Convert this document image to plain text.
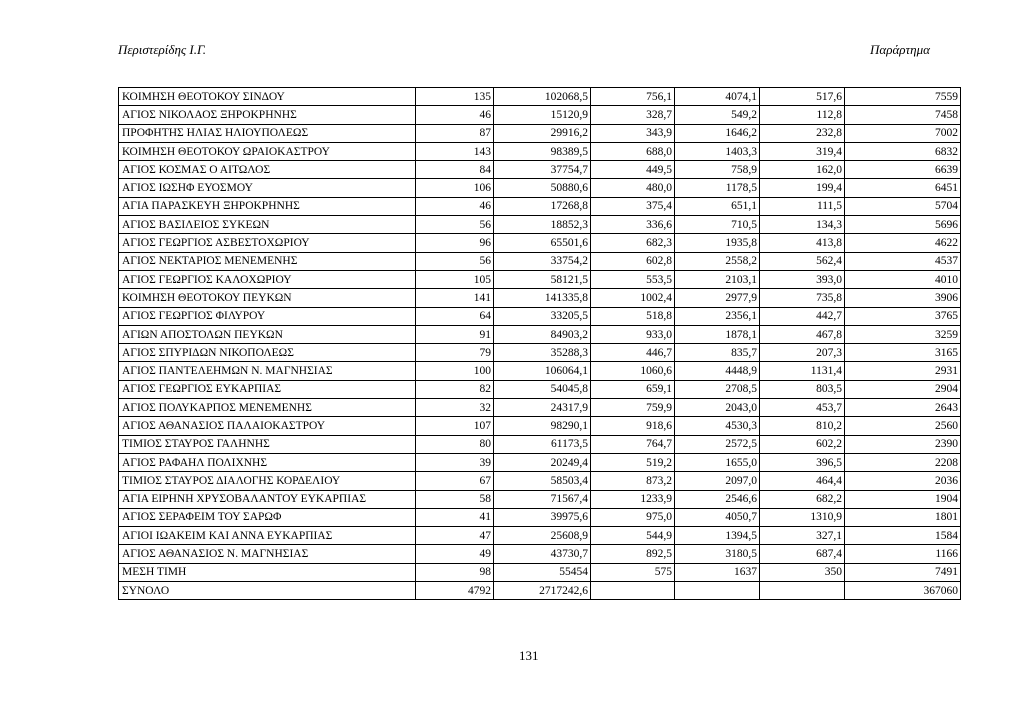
Περιστερίδης Ι.Γ.	Παράρτημα
ΚΟΙΜΗΣΗ ΘΕΟΤΟΚΟΥ ΣΙΝΔΟΥ	135	102068,5	756,1	4074,1	517,6	7559
ΑΓΙΟΣ ΝΙΚΟΛΑΟΣ ΞΗΡΟΚΡΗΝΗΣ	46	15120,9	328,7	549,2	112,8	7458
ΠΡΟΦΗΤΗΣ ΗΛΙΑΣ ΗΛΙΟΥΠΟΛΕΩΣ	87	29916,2	343,9	1646,2	232,8	7002
ΚΟΙΜΗΣΗ ΘΕΟΤΟΚΟΥ ΩΡΑΙΟΚΑΣΤΡΟΥ	143	98389,5	688,0	1403,3	319,4	6832
ΑΓΙΟΣ ΚΟΣΜΑΣ Ο ΑΙΤΩΛΟΣ	84	37754,7	449,5	758,9	162,0	6639
ΑΓΙΟΣ ΙΩΣΗΦ ΕΥΟΣΜΟΥ	106	50880,6	480,0	1178,5	199,4	6451
ΑΓΙΑ ΠΑΡΑΣΚΕΥΗ ΞΗΡΟΚΡΗΝΗΣ	46	17268,8	375,4	651,1	111,5	5704
ΑΓΙΟΣ ΒΑΣΙΛΕΙΟΣ ΣΥΚΕΩΝ	56	18852,3	336,6	710,5	134,3	5696
ΑΓΙΟΣ ΓΕΩΡΓΙΟΣ ΑΣΒΕΣΤΟΧΩΡΙΟΥ	96	65501,6	682,3	1935,8	413,8	4622
ΑΓΙΟΣ ΝΕΚΤΑΡΙΟΣ ΜΕΝΕΜΕΝΗΣ	56	33754,2	602,8	2558,2	562,4	4537
ΑΓΙΟΣ ΓΕΩΡΓΙΟΣ ΚΑΛΟΧΩΡΙΟΥ	105	58121,5	553,5	2103,1	393,0	4010
ΚΟΙΜΗΣΗ ΘΕΟΤΟΚΟΥ ΠΕΥΚΩΝ	141	141335,8	1002,4	2977,9	735,8	3906
ΑΓΙΟΣ ΓΕΩΡΓΙΟΣ ΦΙΛΥΡΟΥ	64	33205,5	518,8	2356,1	442,7	3765
ΑΓΙΩΝ ΑΠΟΣΤΟΛΩΝ ΠΕΥΚΩΝ	91	84903,2	933,0	1878,1	467,8	3259
ΑΓΙΟΣ ΣΠΥΡΙΔΩΝ ΝΙΚΟΠΟΛΕΩΣ	79	35288,3	446,7	835,7	207,3	3165
ΑΓΙΟΣ ΠΑΝΤΕΛΕΗΜΩΝ Ν. ΜΑΓΝΗΣΙΑΣ	100	106064,1	1060,6	4448,9	1131,4	2931
ΑΓΙΟΣ ΓΕΩΡΓΙΟΣ ΕΥΚΑΡΠΙΑΣ	82	54045,8	659,1	2708,5	803,5	2904
ΑΓΙΟΣ ΠΟΛΥΚΑΡΠΟΣ ΜΕΝΕΜΕΝΗΣ	32	24317,9	759,9	2043,0	453,7	2643
ΑΓΙΟΣ ΑΘΑΝΑΣΙΟΣ ΠΑΛΑΙΟΚΑΣΤΡΟΥ	107	98290,1	918,6	4530,3	810,2	2560
ΤΙΜΙΟΣ ΣΤΑΥΡΟΣ ΓΑΛΗΝΗΣ	80	61173,5	764,7	2572,5	602,2	2390
ΑΓΙΟΣ ΡΑΦΑΗΛ ΠΟΛΙΧΝΗΣ	39	20249,4	519,2	1655,0	396,5	2208
ΤΙΜΙΟΣ ΣΤΑΥΡΟΣ ΔΙΑΛΟΓΗΣ ΚΟΡΔΕΛΙΟΥ	67	58503,4	873,2	2097,0	464,4	2036
ΑΓΙΑ ΕΙΡΗΝΗ ΧΡΥΣΟΒΑΛΑΝΤΟΥ ΕΥΚΑΡΠΙΑΣ	58	71567,4	1233,9	2546,6	682,2	1904
ΑΓΙΟΣ ΣΕΡΑΦΕΙΜ ΤΟΥ ΣΑΡΩΦ	41	39975,6	975,0	4050,7	1310,9	1801
ΑΓΙΟΙ ΙΩΑΚΕΙΜ ΚΑΙ ΑΝΝΑ ΕΥΚΑΡΠΙΑΣ	47	25608,9	544,9	1394,5	327,1	1584
ΑΓΙΟΣ ΑΘΑΝΑΣΙΟΣ Ν. ΜΑΓΝΗΣΙΑΣ	49	43730,7	892,5	3180,5	687,4	1166
ΜΕΣΗ ΤΙΜΗ	98	55454	575	1637	350	7491
ΣΥΝΟΛΟ	4792	2717242,6				367060
131
